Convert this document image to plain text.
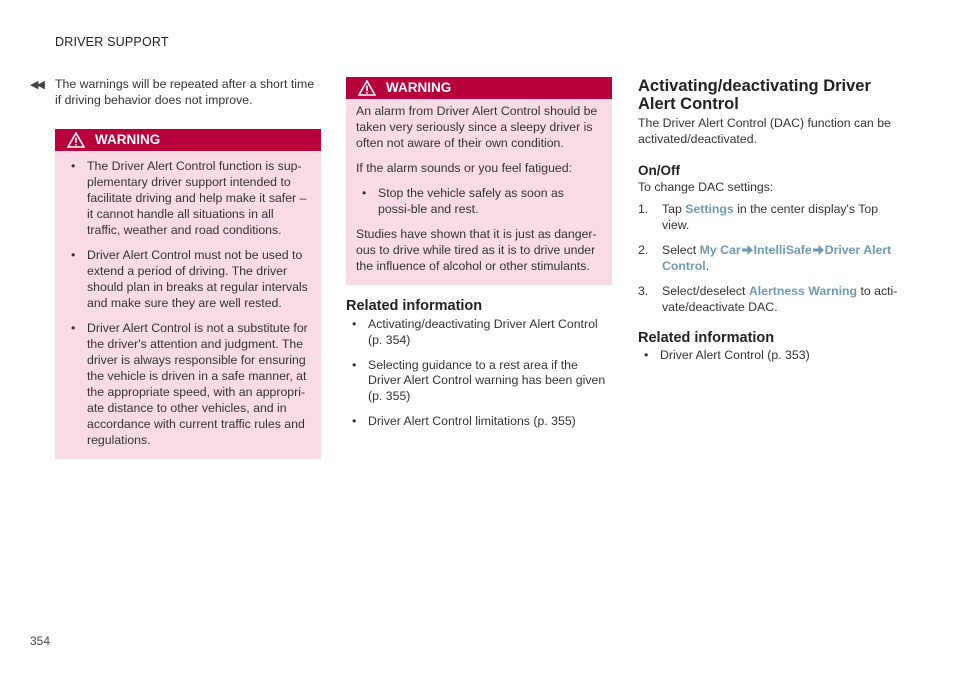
DRIVER SUPPORT
◀◀
354

The warnings will be repeated after a short time if driving behavior does not improve.

WARNING
• The Driver Alert Control function is sup-plementary driver support intended to facilitate driving and help make it safer – it cannot handle all situations in all traffic, weather and road conditions.
• Driver Alert Control must not be used to extend a period of driving. The driver should plan in breaks at regular intervals and make sure they are well rested.
• Driver Alert Control is not a substitute for the driver's attention and judgment. The driver is always responsible for ensuring the vehicle is driven in a safe manner, at the appropriate speed, with an appropri-ate distance to other vehicles, and in accordance with current traffic rules and regulations.
WARNING

An alarm from Driver Alert Control should be taken very seriously since a sleepy driver is often not aware of their own condition.

If the alarm sounds or you feel fatigued:

• Stop the vehicle safely as soon as possi-ble and rest.

Studies have shown that it is just as danger-ous to drive while tired as it is to drive under the influence of alcohol or other stimulants.

Related information
• Activating/deactivating Driver Alert Control (p. 354)
• Selecting guidance to a rest area if the Driver Alert Control warning has been given (p. 355)
• Driver Alert Control limitations (p. 355)
Activating/deactivating Driver Alert Control

The Driver Alert Control (DAC) function can be activated/deactivated.

On/Off

To change DAC settings:

1. Tap Settings in the center display's Top view.
2. Select My Car IntelliSafe Driver Alert Control.
3. Select/deselect Alertness Warning to acti-vate/deactivate DAC.
Related information
• Driver Alert Control (p. 353)
